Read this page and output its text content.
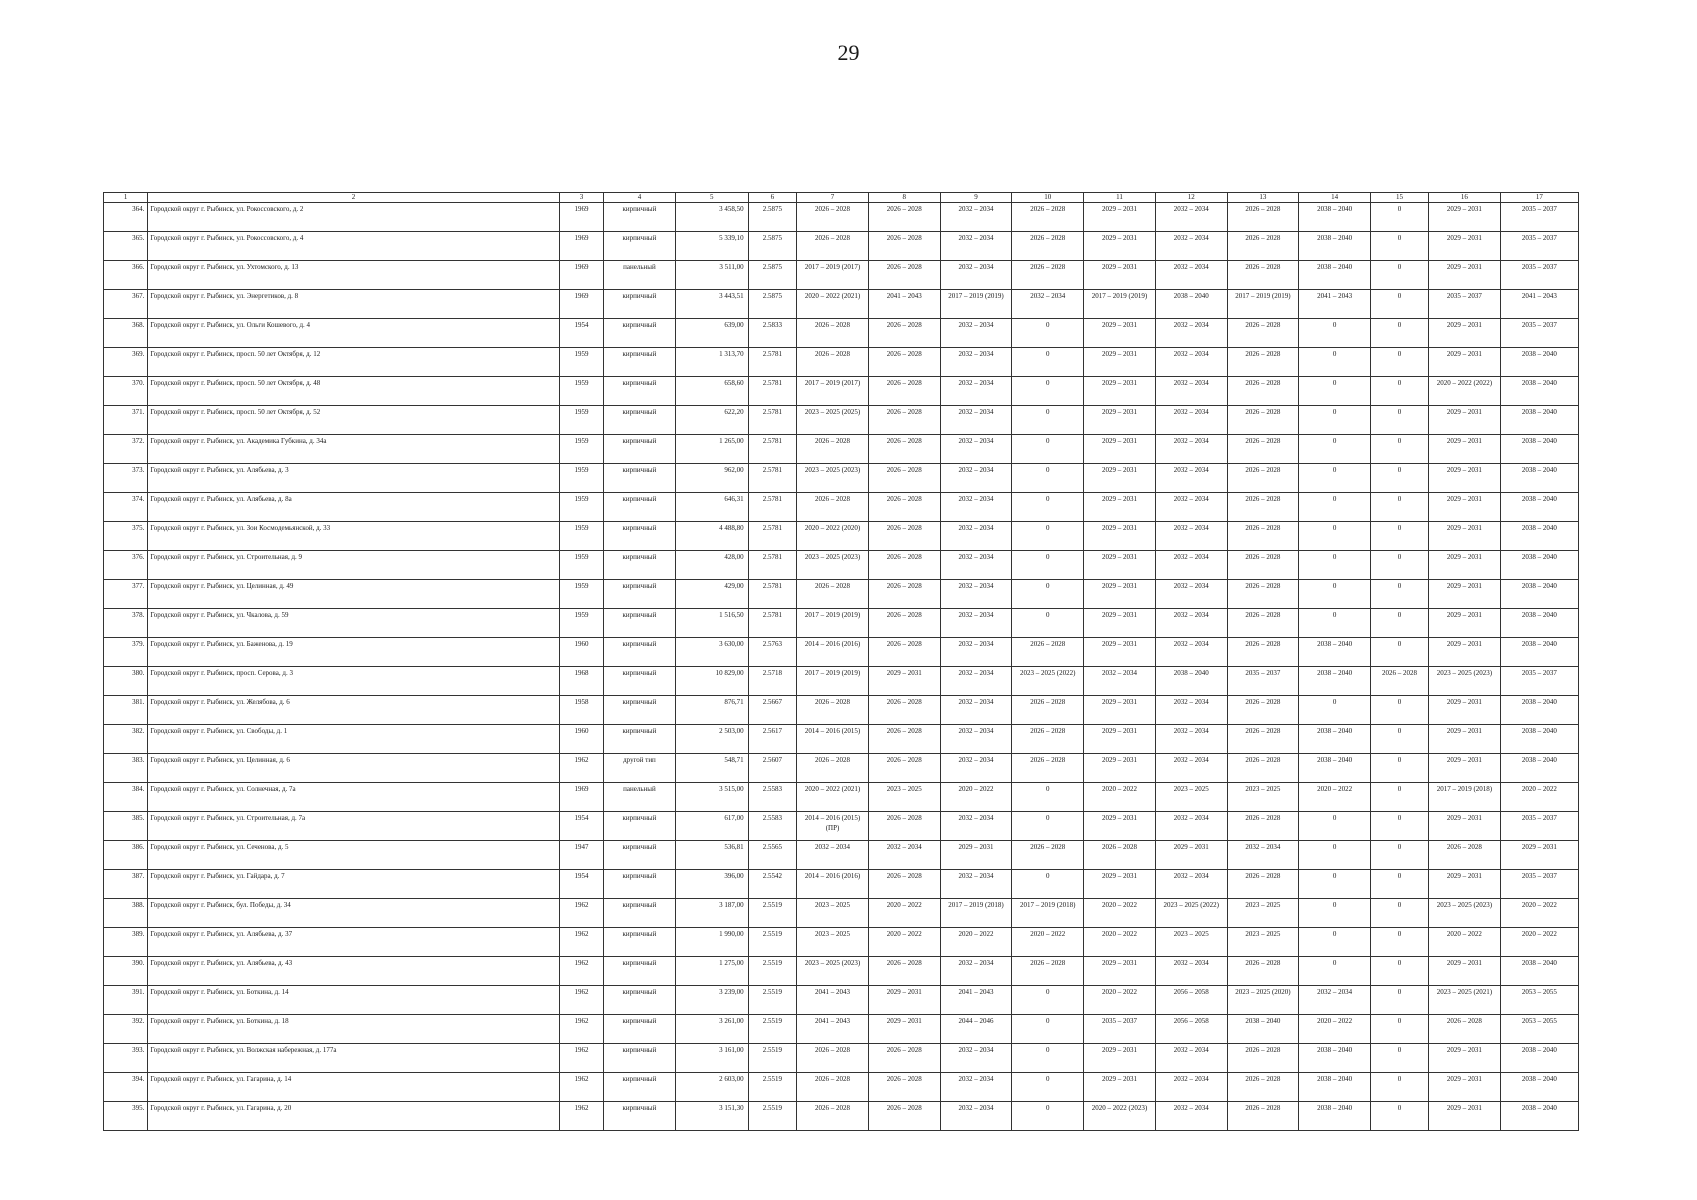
29
1	2	3	4	5	6	7	8	9	10	11	12	13	14	15	16	17
364.	Городской округ г. Рыбинск, ул. Рокоссовского, д. 2	1969	кирпичный	3 458,50	2.5875	2026 – 2028	2026 – 2028	2032 – 2034	2026 – 2028	2029 – 2031	2032 – 2034	2026 – 2028	2038 – 2040	0	2029 – 2031	2035 – 2037
365.	Городской округ г. Рыбинск, ул. Рокоссовского, д. 4	1969	кирпичный	5 339,10	2.5875	2026 – 2028	2026 – 2028	2032 – 2034	2026 – 2028	2029 – 2031	2032 – 2034	2026 – 2028	2038 – 2040	0	2029 – 2031	2035 – 2037
366.	Городской округ г. Рыбинск, ул. Ухтомского, д. 13	1969	панельный	3 511,00	2.5875	2017 – 2019 (2017)	2026 – 2028	2032 – 2034	2026 – 2028	2029 – 2031	2032 – 2034	2026 – 2028	2038 – 2040	0	2029 – 2031	2035 – 2037
367.	Городской округ г. Рыбинск, ул. Энергетиков, д. 8	1969	кирпичный	3 443,51	2.5875	2020 – 2022 (2021)	2041 – 2043	2017 – 2019 (2019)	2032 – 2034	2017 – 2019 (2019)	2038 – 2040	2017 – 2019 (2019)	2041 – 2043	0	2035 – 2037	2041 – 2043
368.	Городской округ г. Рыбинск, ул. Ольги Кошевого, д. 4	1954	кирпичный	639,00	2.5833	2026 – 2028	2026 – 2028	2032 – 2034	0	2029 – 2031	2032 – 2034	2026 – 2028	0	0	2029 – 2031	2035 – 2037
369.	Городской округ г. Рыбинск, просп. 50 лет Октября, д. 12	1959	кирпичный	1 313,70	2.5781	2026 – 2028	2026 – 2028	2032 – 2034	0	2029 – 2031	2032 – 2034	2026 – 2028	0	0	2029 – 2031	2038 – 2040
370.	Городской округ г. Рыбинск, просп. 50 лет Октября, д. 48	1959	кирпичный	658,60	2.5781	2017 – 2019 (2017)	2026 – 2028	2032 – 2034	0	2029 – 2031	2032 – 2034	2026 – 2028	0	0	2020 – 2022 (2022)	2038 – 2040
371.	Городской округ г. Рыбинск, просп. 50 лет Октября, д. 52	1959	кирпичный	622,20	2.5781	2023 – 2025 (2025)	2026 – 2028	2032 – 2034	0	2029 – 2031	2032 – 2034	2026 – 2028	0	0	2029 – 2031	2038 – 2040
372.	Городской округ г. Рыбинск, ул. Академика Губкина, д. 34а	1959	кирпичный	1 265,00	2.5781	2026 – 2028	2026 – 2028	2032 – 2034	0	2029 – 2031	2032 – 2034	2026 – 2028	0	0	2029 – 2031	2038 – 2040
373.	Городской округ г. Рыбинск, ул. Алябьева, д. 3	1959	кирпичный	962,00	2.5781	2023 – 2025 (2023)	2026 – 2028	2032 – 2034	0	2029 – 2031	2032 – 2034	2026 – 2028	0	0	2029 – 2031	2038 – 2040
374.	Городской округ г. Рыбинск, ул. Алябьева, д. 8а	1959	кирпичный	646,31	2.5781	2026 – 2028	2026 – 2028	2032 – 2034	0	2029 – 2031	2032 – 2034	2026 – 2028	0	0	2029 – 2031	2038 – 2040
375.	Городской округ г. Рыбинск, ул. Зои Космодемьянской, д. 33	1959	кирпичный	4 488,80	2.5781	2020 – 2022 (2020)	2026 – 2028	2032 – 2034	0	2029 – 2031	2032 – 2034	2026 – 2028	0	0	2029 – 2031	2038 – 2040
376.	Городской округ г. Рыбинск, ул. Строительная, д. 9	1959	кирпичный	428,00	2.5781	2023 – 2025 (2023)	2026 – 2028	2032 – 2034	0	2029 – 2031	2032 – 2034	2026 – 2028	0	0	2029 – 2031	2038 – 2040
377.	Городской округ г. Рыбинск, ул. Целинная, д. 49	1959	кирпичный	429,00	2.5781	2026 – 2028	2026 – 2028	2032 – 2034	0	2029 – 2031	2032 – 2034	2026 – 2028	0	0	2029 – 2031	2038 – 2040
378.	Городской округ г. Рыбинск, ул. Чкалова, д. 59	1959	кирпичный	1 516,50	2.5781	2017 – 2019 (2019)	2026 – 2028	2032 – 2034	0	2029 – 2031	2032 – 2034	2026 – 2028	0	0	2029 – 2031	2038 – 2040
379.	Городской округ г. Рыбинск, ул. Баженова, д. 19	1960	кирпичный	3 630,00	2.5763	2014 – 2016 (2016)	2026 – 2028	2032 – 2034	2026 – 2028	2029 – 2031	2032 – 2034	2026 – 2028	2038 – 2040	0	2029 – 2031	2038 – 2040
380.	Городской округ г. Рыбинск, просп. Серова, д. 3	1968	кирпичный	10 829,00	2.5718	2017 – 2019 (2019)	2029 – 2031	2032 – 2034	2023 – 2025 (2022)	2032 – 2034	2038 – 2040	2035 – 2037	2038 – 2040	2026 – 2028	2023 – 2025 (2023)	2035 – 2037
381.	Городской округ г. Рыбинск, ул. Желябова, д. 6	1958	кирпичный	876,71	2.5667	2026 – 2028	2026 – 2028	2032 – 2034	2026 – 2028	2029 – 2031	2032 – 2034	2026 – 2028	0	0	2029 – 2031	2038 – 2040
382.	Городской округ г. Рыбинск, ул. Свободы, д. 1	1960	кирпичный	2 503,00	2.5617	2014 – 2016 (2015)	2026 – 2028	2032 – 2034	2026 – 2028	2029 – 2031	2032 – 2034	2026 – 2028	2038 – 2040	0	2029 – 2031	2038 – 2040
383.	Городской округ г. Рыбинск, ул. Целинная, д. 6	1962	другой тип	548,71	2.5607	2026 – 2028	2026 – 2028	2032 – 2034	2026 – 2028	2029 – 2031	2032 – 2034	2026 – 2028	2038 – 2040	0	2029 – 2031	2038 – 2040
384.	Городской округ г. Рыбинск, ул. Солнечная, д. 7а	1969	панельный	3 515,00	2.5583	2020 – 2022 (2021)	2023 – 2025	2020 – 2022	0	2020 – 2022	2023 – 2025	2023 – 2025	2020 – 2022	0	2017 – 2019 (2018)	2020 – 2022
385.	Городской округ г. Рыбинск, ул. Строительная, д. 7а	1954	кирпичный	617,00	2.5583	2014 – 2016 (2015)(ПР)	2026 – 2028	2032 – 2034	0	2029 – 2031	2032 – 2034	2026 – 2028	0	0	2029 – 2031	2035 – 2037
386.	Городской округ г. Рыбинск, ул. Сеченова, д. 5	1947	кирпичный	536,81	2.5565	2032 – 2034	2032 – 2034	2029 – 2031	2026 – 2028	2026 – 2028	2029 – 2031	2032 – 2034	0	0	2026 – 2028	2029 – 2031
387.	Городской округ г. Рыбинск, ул. Гайдара, д. 7	1954	кирпичный	396,00	2.5542	2014 – 2016 (2016)	2026 – 2028	2032 – 2034	0	2029 – 2031	2032 – 2034	2026 – 2028	0	0	2029 – 2031	2035 – 2037
388.	Городской округ г. Рыбинск, бул. Победы, д. 34	1962	кирпичный	3 187,00	2.5519	2023 – 2025	2020 – 2022	2017 – 2019 (2018)	2017 – 2019 (2018)	2020 – 2022	2023 – 2025 (2022)	2023 – 2025	0	0	2023 – 2025 (2023)	2020 – 2022
389.	Городской округ г. Рыбинск, ул. Алябьева, д. 37	1962	кирпичный	1 990,00	2.5519	2023 – 2025	2020 – 2022	2020 – 2022	2020 – 2022	2020 – 2022	2023 – 2025	2023 – 2025	0	0	2020 – 2022	2020 – 2022
390.	Городской округ г. Рыбинск, ул. Алябьева, д. 43	1962	кирпичный	1 275,00	2.5519	2023 – 2025 (2023)	2026 – 2028	2032 – 2034	2026 – 2028	2029 – 2031	2032 – 2034	2026 – 2028	0	0	2029 – 2031	2038 – 2040
391.	Городской округ г. Рыбинск, ул. Боткина, д. 14	1962	кирпичный	3 239,00	2.5519	2041 – 2043	2029 – 2031	2041 – 2043	0	2020 – 2022	2056 – 2058	2023 – 2025 (2020)	2032 – 2034	0	2023 – 2025 (2021)	2053 – 2055
392.	Городской округ г. Рыбинск, ул. Боткина, д. 18	1962	кирпичный	3 261,00	2.5519	2041 – 2043	2029 – 2031	2044 – 2046	0	2035 – 2037	2056 – 2058	2038 – 2040	2020 – 2022	0	2026 – 2028	2053 – 2055
393.	Городской округ г. Рыбинск, ул. Волжская набережная, д. 177а	1962	кирпичный	3 161,00	2.5519	2026 – 2028	2026 – 2028	2032 – 2034	0	2029 – 2031	2032 – 2034	2026 – 2028	2038 – 2040	0	2029 – 2031	2038 – 2040
394.	Городской округ г. Рыбинск, ул. Гагарина, д. 14	1962	кирпичный	2 603,00	2.5519	2026 – 2028	2026 – 2028	2032 – 2034	0	2029 – 2031	2032 – 2034	2026 – 2028	2038 – 2040	0	2029 – 2031	2038 – 2040
395.	Городской округ г. Рыбинск, ул. Гагарина, д. 20	1962	кирпичный	3 151,30	2.5519	2026 – 2028	2026 – 2028	2032 – 2034	0	2020 – 2022 (2023)	2032 – 2034	2026 – 2028	2038 – 2040	0	2029 – 2031	2038 – 2040
